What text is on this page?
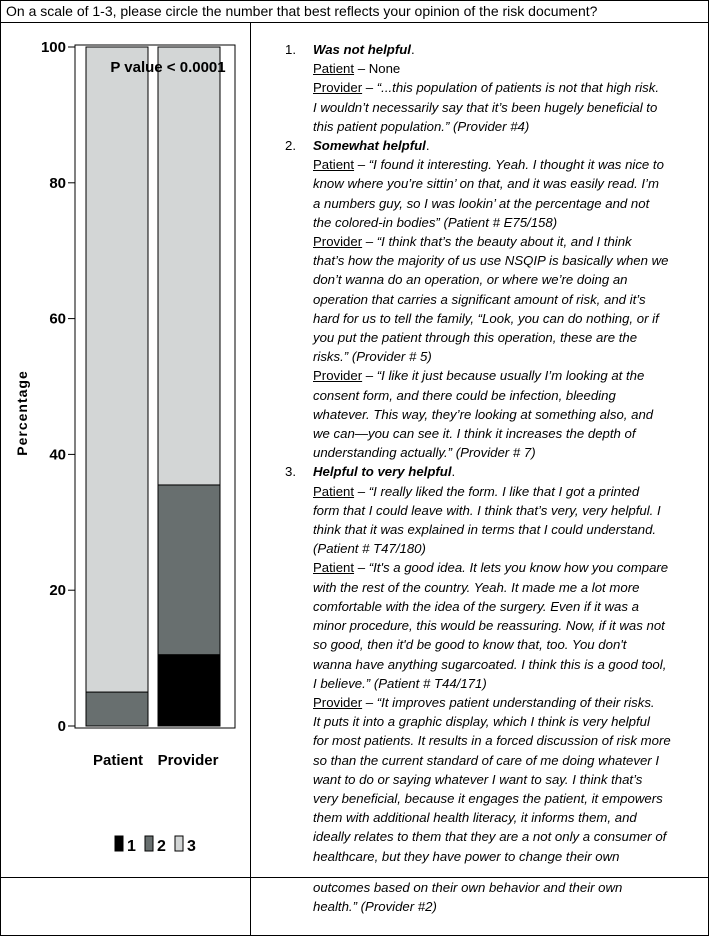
On a scale of 1-3, please circle the number that best reflects your opinion of the risk document?
0
20
40
60
80
100
Percentage
P value < 0.0001
Patient Provider
1 2 3
1. Was not helpful.
Patient – None
Provider – “...this population of patients is not that high risk.
I wouldn’t necessarily say that it’s been hugely beneficial to
this patient population.” (Provider #4)
2. Somewhat helpful.
Patient – “I found it interesting. Yeah. I thought it was nice to
know where you’re sittin’ on that, and it was easily read. I’m
a numbers guy, so I was lookin’ at the percentage and not
the colored-in bodies” (Patient # E75/158)
Provider – “I think that’s the beauty about it, and I think
that’s how the majority of us use NSQIP is basically when we
don’t wanna do an operation, or where we’re doing an
operation that carries a significant amount of risk, and it’s
hard for us to tell the family, “Look, you can do nothing, or if
you put the patient through this operation, these are the
risks.” (Provider # 5)
Provider – “I like it just because usually I’m looking at the
consent form, and there could be infection, bleeding
whatever. This way, they’re looking at something also, and
we can—you can see it. I think it increases the depth of
understanding actually.” (Provider # 7)
3. Helpful to very helpful.
Patient – “I really liked the form. I like that I got a printed
form that I could leave with. I think that’s very, very helpful. I
think that it was explained in terms that I could understand.
(Patient # T47/180)
Patient – “It's a good idea. It lets you know how you compare
with the rest of the country. Yeah. It made me a lot more
comfortable with the idea of the surgery. Even if it was a
minor procedure, this would be reassuring. Now, if it was not
so good, then it'd be good to know that, too. You don't
wanna have anything sugarcoated. I think this is a good tool,
I believe.” (Patient # T44/171)
Provider – “It improves patient understanding of their risks.
It puts it into a graphic display, which I think is very helpful
for most patients. It results in a forced discussion of risk more
so than the current standard of care of me doing whatever I
want to do or saying whatever I want to say. I think that’s
very beneficial, because it engages the patient, it empowers
them with additional health literacy, it informs them, and
ideally relates to them that they are a not only a consumer of
healthcare, but they have power to change their own
outcomes based on their own behavior and their own
health.” (Provider #2)
